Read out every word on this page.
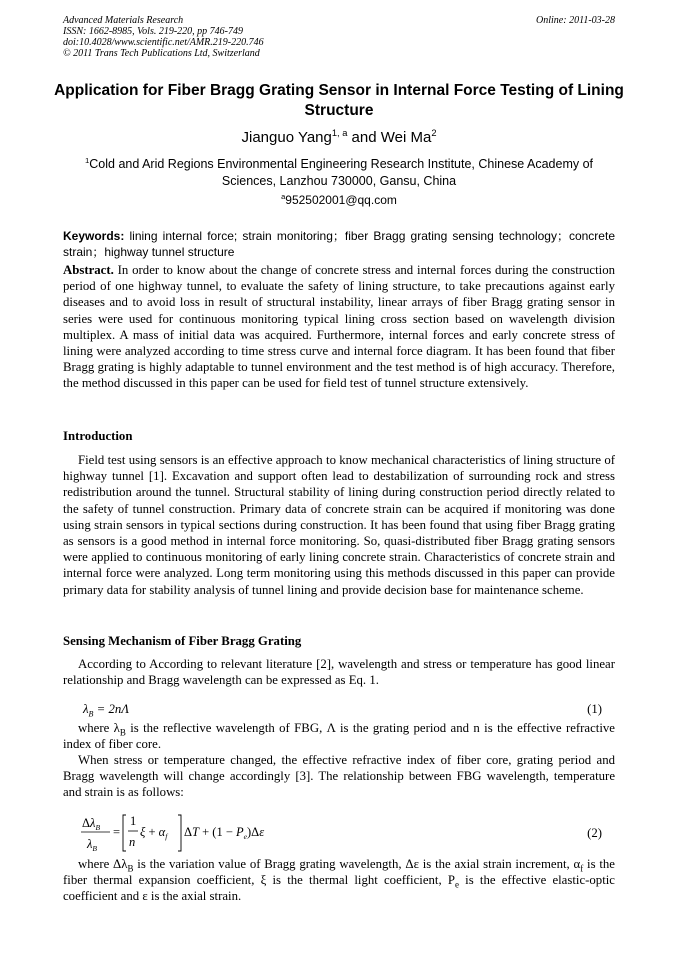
Advanced Materials Research
ISSN: 1662-8985, Vols. 219-220, pp 746-749
doi:10.4028/www.scientific.net/AMR.219-220.746
© 2011 Trans Tech Publications Ltd, Switzerland
Online: 2011-03-28
Application for Fiber Bragg Grating Sensor in Internal Force Testing of Lining Structure
Jianguo Yang$^{1, a}$ and Wei Ma$^2$
$^1$Cold and Arid Regions Environmental Engineering Research Institute, Chinese Academy of Sciences, Lanzhou 730000, Gansu, China
$^a$952502001@qq.com
Keywords: lining internal force; strain monitoring；fiber Bragg grating sensing technology；concrete strain；highway tunnel structure
Abstract. In order to know about the change of concrete stress and internal forces during the construction period of one highway tunnel, to evaluate the safety of lining structure, to take precautions against early diseases and to avoid loss in result of structural instability, linear arrays of fiber Bragg grating sensor in series were used for continuous monitoring typical lining cross section based on wavelength division multiplex. A mass of initial data was acquired. Furthermore, internal forces and early concrete stress of lining were analyzed according to time stress curve and internal force diagram. It has been found that fiber Bragg grating is highly adaptable to tunnel environment and the test method is of high accuracy. Therefore, the method discussed in this paper can be used for field test of tunnel structure extensively.
Introduction
Field test using sensors is an effective approach to know mechanical characteristics of lining structure of highway tunnel [1]. Excavation and support often lead to destabilization of surrounding rock and stress redistribution around the tunnel. Structural stability of lining during construction period directly related to the safety of tunnel construction. Primary data of concrete strain can be acquired if monitoring was done using strain sensors in typical sections during construction. It has been found that using fiber Bragg grating as sensors is a good method in internal force monitoring. So, quasi-distributed fiber Bragg grating sensors were applied to continuous monitoring of early lining concrete strain. Characteristics of concrete strain and internal force were analyzed. Long term monitoring using this methods discussed in this paper can provide primary data for stability analysis of tunnel lining and provide decision base for maintenance scheme.
Sensing Mechanism of Fiber Bragg Grating
According to According to relevant literature [2], wavelength and stress or temperature has good linear relationship and Bragg wavelength can be expressed as Eq. 1.
$\lambda_B = 2n\Lambda$	(1)
where $\lambda_B$ is the reflective wavelength of FBG, Λ is the grating period and n is the effective refractive index of fiber core.
When stress or temperature changed, the effective refractive index of fiber core, grating period and Bragg wavelength will change accordingly [3]. The relationship between FBG wavelength, temperature and strain is as follows:
$\Delta\lambda_B$
$\lambda_B$
=
1
n
$\xi + \alpha_f$ $\Delta T + (1 - P_e)\Delta\varepsilon$	(2)
where $\Delta\lambda_B$ is the variation value of Bragg grating wavelength, Δε is the axial strain increment, $\alpha_f$ is the fiber thermal expansion coefficient, ξ is the thermal light coefficient, $P_e$ is the effective elastic-optic coefficient and ε is the axial strain.
